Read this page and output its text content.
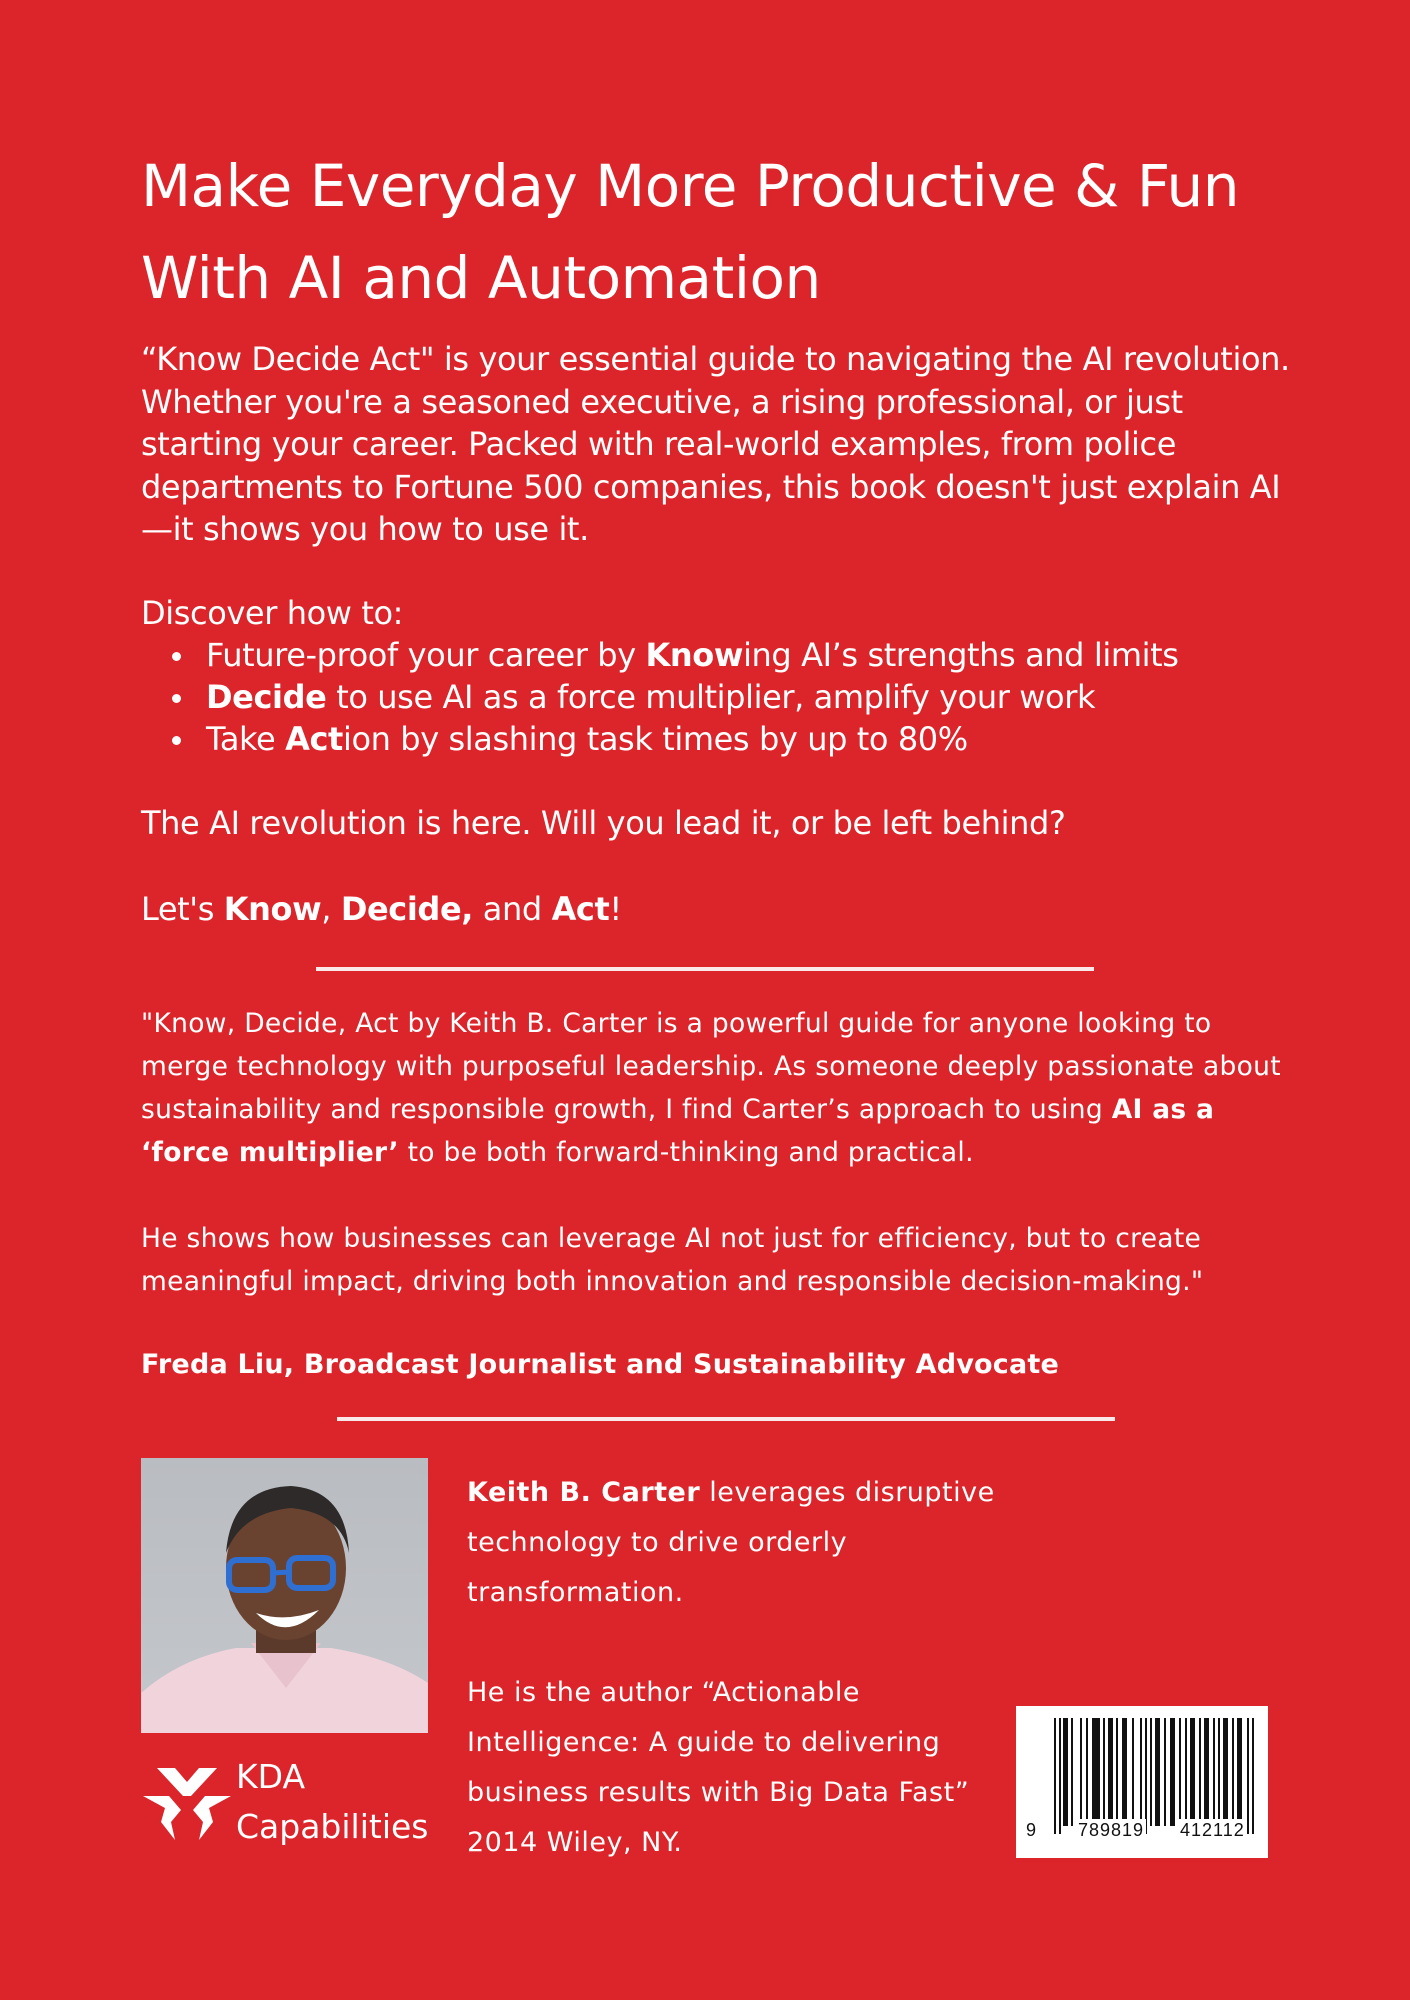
Make Everyday More Productive & Fun
With AI and Automation
“Know Decide Act" is your essential guide to navigating the AI revolution. Whether you're a seasoned executive, a rising professional, or just starting your career. Packed with real-world examples, from police departments to Fortune 500 companies, this book doesn't just explain AI—it shows you how to use it.
Discover how to:
Future-proof your career by Knowing AI’s strengths and limits
Decide to use AI as a force multiplier, amplify your work
Take Action by slashing task times by up to 80%
The AI revolution is here. Will you lead it, or be left behind?
Let's Know, Decide, and Act!

"Know, Decide, Act by Keith B. Carter is a powerful guide for anyone looking to merge technology with purposeful leadership. As someone deeply passionate about sustainability and responsible growth, I find Carter’s approach to using AI as a ‘force multiplier’ to be both forward-thinking and practical.

He shows how businesses can leverage AI not just for efficiency, but to create meaningful impact, driving both innovation and responsible decision-making."

Freda Liu, Broadcast Journalist and Sustainability Advocate
KDA
Capabilities

Keith B. Carter leverages disruptive technology to drive orderly transformation.

He is the author “Actionable Intelligence: A guide to delivering business results with Big Data Fast” 2014 Wiley, NY.	9 789819 412112
